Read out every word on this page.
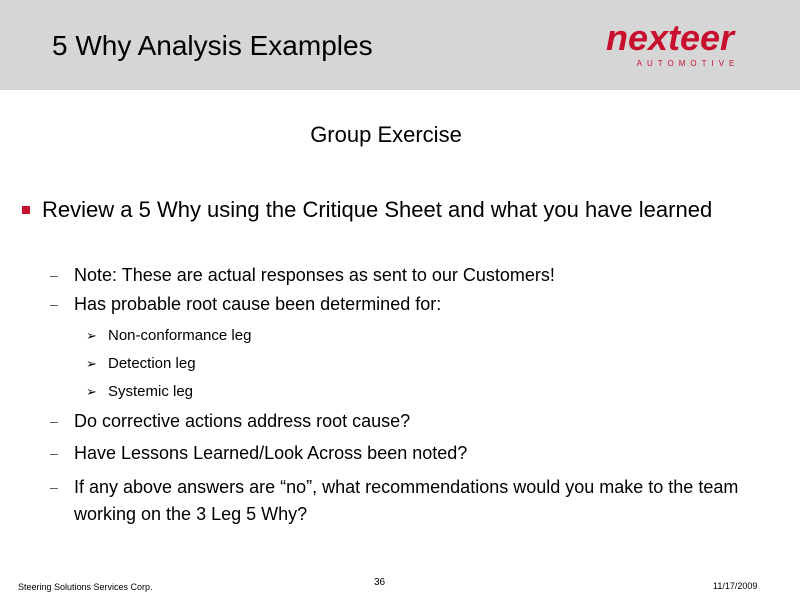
5 Why Analysis Examples	nexteer
AUTOMOTIVE
Group Exercise
Review a 5 Why using the Critique Sheet and what you have learned
– Note: These are actual responses as sent to our Customers!
– Has probable root cause been determined for:
➢ Non-conformance leg
➢ Detection leg
➢ Systemic leg
– Do corrective actions address root cause?
– Have Lessons Learned/Look Across been noted?
– If any above answers are “no”, what recommendations would you make to the team working on the 3 Leg 5 Why?
Steering Solutions Services Corp.	36	11/17/2009
